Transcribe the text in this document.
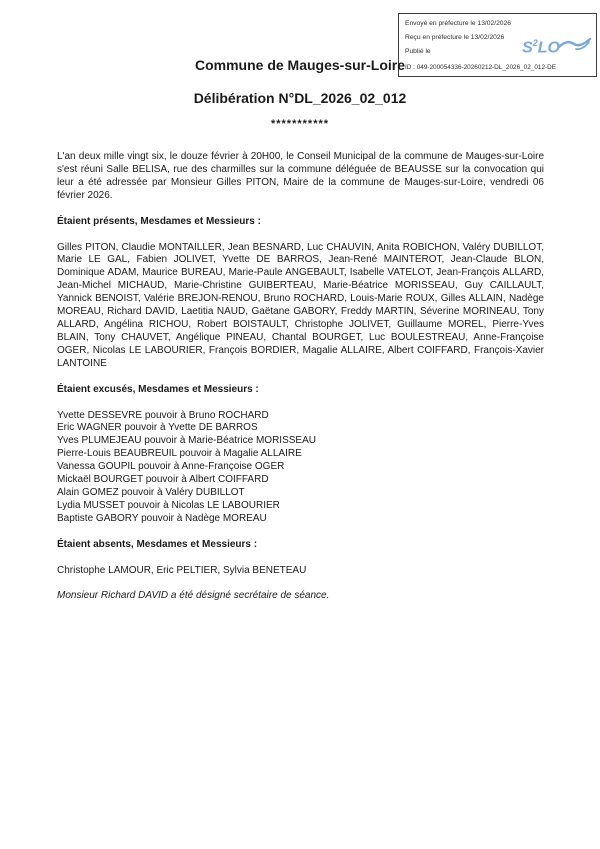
Envoyé en préfecture le 13/02/2026
Reçu en préfecture le 13/02/2026
Publié le
ID : 049-200054336-20260212-DL_2026_02_012-DE
$S^2LO$
Commune de Mauges-sur-Loire
Délibération N°DL_2026_02_012
***********

L'an deux mille vingt six, le douze février à 20H00, le Conseil Municipal de la commune de Mauges-sur-Loire s'est réuni Salle BELISA, rue des charmilles sur la commune déléguée de BEAUSSE sur la convocation qui leur a été adressée par Monsieur Gilles PITON, Maire de la commune de Mauges-sur-Loire, vendredi 06 février 2026.

Étaient présents, Mesdames et Messieurs :

Gilles PITON, Claudie MONTAILLER, Jean BESNARD, Luc CHAUVIN, Anita ROBICHON, Valéry DUBILLOT, Marie LE GAL, Fabien JOLIVET, Yvette DE BARROS, Jean-René MAINTEROT, Jean-Claude BLON, Dominique ADAM, Maurice BUREAU, Marie-Paule ANGEBAULT, Isabelle VATELOT, Jean-François ALLARD, Jean-Michel MICHAUD, Marie-Christine GUIBERTEAU, Marie-Béatrice MORISSEAU, Guy CAILLAULT, Yannick BENOIST, Valérie BREJON-RENOU, Bruno ROCHARD, Louis-Marie ROUX, Gilles ALLAIN, Nadège MOREAU, Richard DAVID, Laetitia NAUD, Gaëtane GABORY, Freddy MARTIN, Séverine MORINEAU, Tony ALLARD, Angélina RICHOU, Robert BOISTAULT, Christophe JOLIVET, Guillaume MOREL, Pierre-Yves BLAIN, Tony CHAUVET, Angélique PINEAU, Chantal BOURGET, Luc BOULESTREAU, Anne-Françoise OGER, Nicolas LE LABOURIER, François BORDIER, Magalie ALLAIRE, Albert COIFFARD, François-Xavier LANTOINE

Étaient excusés, Mesdames et Messieurs :

Yvette DESSEVRE pouvoir à Bruno ROCHARD
Eric WAGNER pouvoir à Yvette DE BARROS
Yves PLUMEJEAU pouvoir à Marie-Béatrice MORISSEAU
Pierre-Louis BEAUBREUIL pouvoir à Magalie ALLAIRE
Vanessa GOUPIL pouvoir à Anne-Françoise OGER
Mickaël BOURGET pouvoir à Albert COIFFARD
Alain GOMEZ pouvoir à Valéry DUBILLOT
Lydia MUSSET pouvoir à Nicolas LE LABOURIER
Baptiste GABORY pouvoir à Nadège MOREAU

Étaient absents, Mesdames et Messieurs :

Christophe LAMOUR, Eric PELTIER, Sylvia BENETEAU

Monsieur Richard DAVID a été désigné secrétaire de séance.
